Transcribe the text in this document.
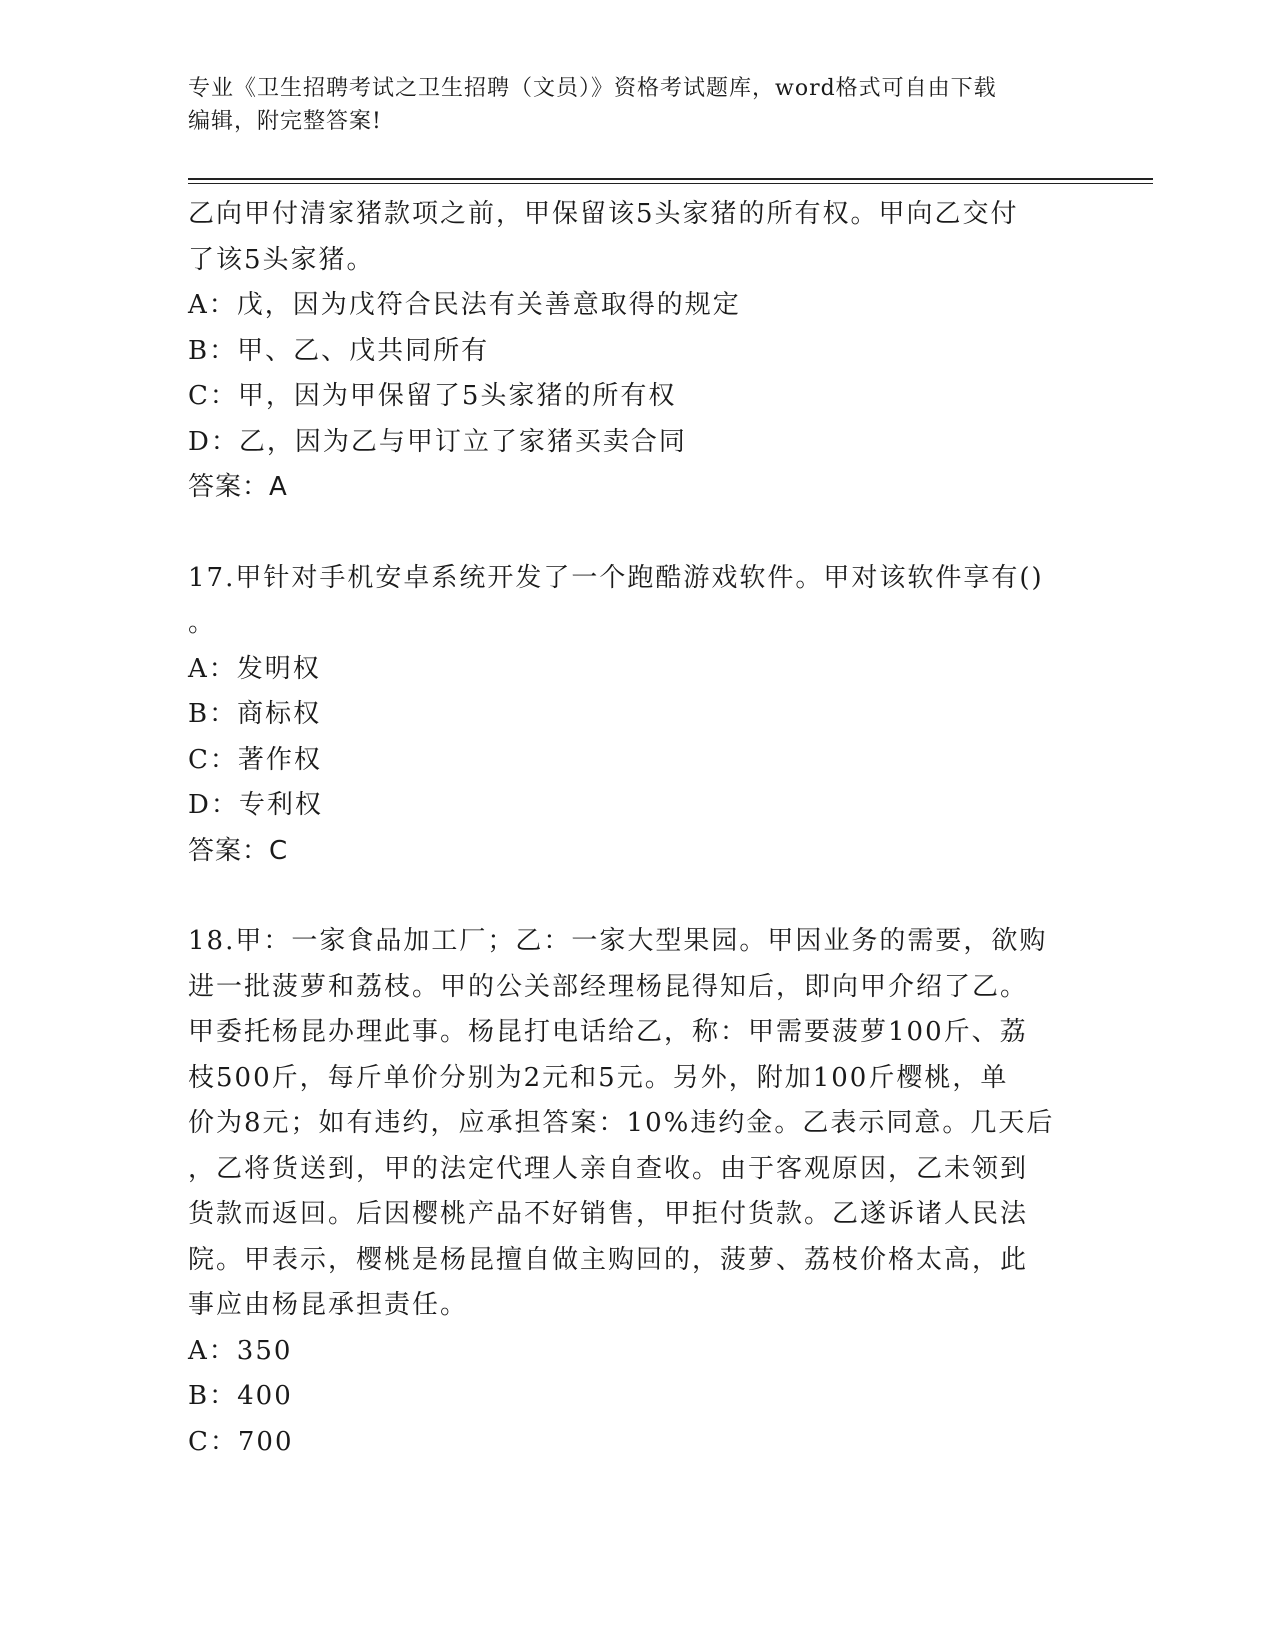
专业《卫生招聘考试之卫生招聘（文员）》资格考试题库，word格式可自由下载
编辑，附完整答案!
乙向甲付清家猪款项之前，甲保留该5头家猪的所有权。甲向乙交付
了该5头家猪。
A：戊，因为戊符合民法有关善意取得的规定
B：甲、乙、戊共同所有
C：甲，因为甲保留了5头家猪的所有权
D：乙，因为乙与甲订立了家猪买卖合同
答案：A
17.甲针对手机安卓系统开发了一个跑酷游戏软件。甲对该软件享有()
。
A：发明权
B：商标权
C：著作权
D：专利权
答案：C
18.甲：一家食品加工厂；乙：一家大型果园。甲因业务的需要，欲购
进一批菠萝和荔枝。甲的公关部经理杨昆得知后，即向甲介绍了乙。
甲委托杨昆办理此事。杨昆打电话给乙，称：甲需要菠萝100斤、荔
枝500斤，每斤单价分别为2元和5元。另外，附加100斤樱桃，单
价为8元；如有违约，应承担答案：10%违约金。乙表示同意。几天后
，乙将货送到，甲的法定代理人亲自查收。由于客观原因，乙未领到
货款而返回。后因樱桃产品不好销售，甲拒付货款。乙遂诉诸人民法
院。甲表示，樱桃是杨昆擅自做主购回的，菠萝、荔枝价格太高，此
事应由杨昆承担责任。
A：350
B：400
C：700
